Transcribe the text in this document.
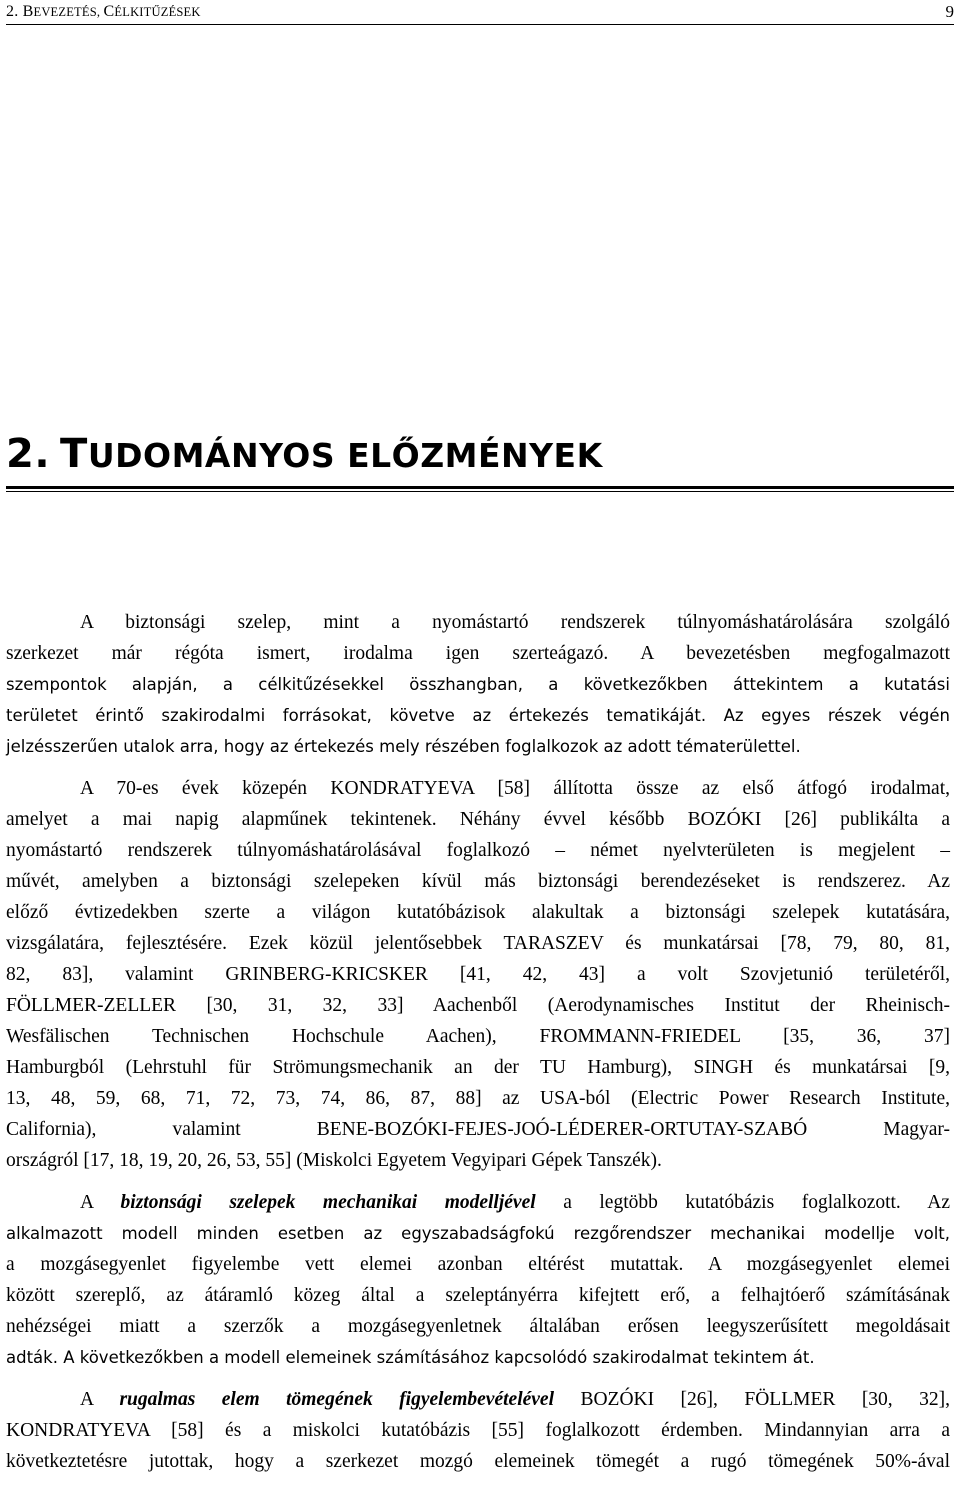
2. BEVEZETÉS, CÉLKITŰZÉSEK	9
2. TUDOMÁNYOS ELŐZMÉNYEK
A biztonsági szelep, mint a nyomástartó rendszerek túlnyomáshatárolására szolgáló
szerkezet már régóta ismert, irodalma igen szerteágazó. A bevezetésben megfogalmazott
szempontok alapján, a célkitűzésekkel összhangban, a következőkben áttekintem a kutatási
területet érintő szakirodalmi forrásokat, követve az értekezés tematikáját. Az egyes részek végén
jelzésszerűen utalok arra, hogy az értekezés mely részében foglalkozok az adott tématerülettel.
A 70-es évek közepén KONDRATYEVA [58] állította össze az első átfogó irodalmat,
amelyet a mai napig alapműnek tekintenek. Néhány évvel később BOZÓKI [26] publikálta a
nyomástartó rendszerek túlnyomáshatárolásával foglalkozó – német nyelvterületen is megjelent –
művét, amelyben a biztonsági szelepeken kívül más biztonsági berendezéseket is rendszerez. Az
előző évtizedekben szerte a világon kutatóbázisok alakultak a biztonsági szelepek kutatására,
vizsgálatára, fejlesztésére. Ezek közül jelentősebbek TARASZEV és munkatársai [78, 79, 80, 81,
82, 83], valamint GRINBERG-KRICSKER [41, 42, 43] a volt Szovjetunió területéről,
FÖLLMER-ZELLER [30, 31, 32, 33] Aachenből (Aerodynamisches Institut der Rheinisch-
Wesfälischen Technischen Hochschule Aachen), FROMMANN-FRIEDEL [35, 36, 37]
Hamburgból (Lehrstuhl für Strömungsmechanik an der TU Hamburg), SINGH és munkatársai [9,
13, 48, 59, 68, 71, 72, 73, 74, 86, 87, 88] az USA-ból (Electric Power Research Institute,
California), valamint BENE-BOZÓKI-FEJES-JOÓ-LÉDERER-ORTUTAY-SZABÓ Magyar-
országról [17, 18, 19, 20, 26, 53, 55] (Miskolci Egyetem Vegyipari Gépek Tanszék).
A biztonsági szelepek mechanikai modelljével a legtöbb kutatóbázis foglalkozott. Az
alkalmazott modell minden esetben az egyszabadságfokú rezgőrendszer mechanikai modellje volt,
a mozgásegyenlet figyelembe vett elemei azonban eltérést mutattak. A mozgásegyenlet elemei
között szereplő, az átáramló közeg által a szeleptányérra kifejtett erő, a felhajtóerő számításának
nehézségei miatt a szerzők a mozgásegyenletnek általában erősen leegyszerűsített megoldásait
adták. A következőkben a modell elemeinek számításához kapcsolódó szakirodalmat tekintem át.
A rugalmas elem tömegének figyelembevételével BOZÓKI [26], FÖLLMER [30, 32],
KONDRATYEVA [58] és a miskolci kutatóbázis [55] foglalkozott érdemben. Mindannyian arra a
következtetésre jutottak, hogy a szerkezet mozgó elemeinek tömegét a rugó tömegének 50%-ával
